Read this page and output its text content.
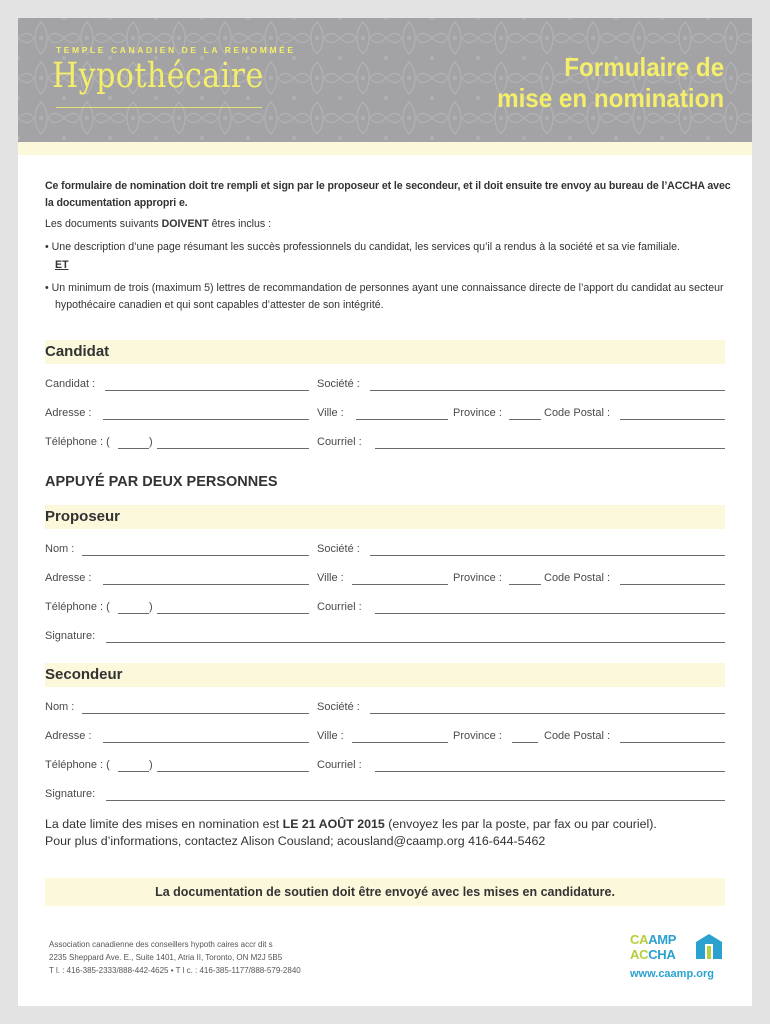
TEMPLE CANADIEN DE LA RENOMMÉE
Hypothécaire	Formulaire de
mise en nomination
Ce formulaire de nomination doit tre rempli et sign par le proposeur et le secondeur, et il doit ensuite tre envoy au bureau de l’ACCHA avec la documentation appropri e.
Les documents suivants DOIVENT êtres inclus :
• Une description d’une page résumant les succès professionnels du candidat, les services qu’il a rendus à la société et sa vie familiale.
ET
• Un minimum de trois (maximum 5) lettres de recommandation de personnes ayant une connaissance directe de l’apport du candidat au secteur hypothécaire canadien et qui sont capables d’attester de son intégrité.
Candidat
Candidat :	Société :
Adresse :	Ville :	Province :	Code Postal :
Téléphone : (	)	Courriel :
APPUYÉ PAR DEUX PERSONNES
Proposeur
Nom :	Société :
Adresse :	Ville :	Province :	Code Postal :
Téléphone : (	)	Courriel :
Signature:
Secondeur
Nom :	Société :
Adresse :	Ville :	Province :	Code Postal :
Téléphone : (	)	Courriel :
Signature:
La date limite des mises en nomination est LE 21 AOÛT 2015 (envoyez les par la poste, par fax ou par couriel).
Pour plus d’informations, contactez Alison Cousland; acousland@caamp.org 416-644-5462
La documentation de soutien doit être envoyé avec les mises en candidature.
Association canadienne des conseillers hypoth caires accr dit s
2235 Sheppard Ave. E., Suite 1401, Atria II, Toronto, ON M2J 5B5
T l. : 416-385-2333/888-442-4625 • T l c. : 416-385-1177/888-579-2840
CAAMP
ACCHA
www.caamp.org
